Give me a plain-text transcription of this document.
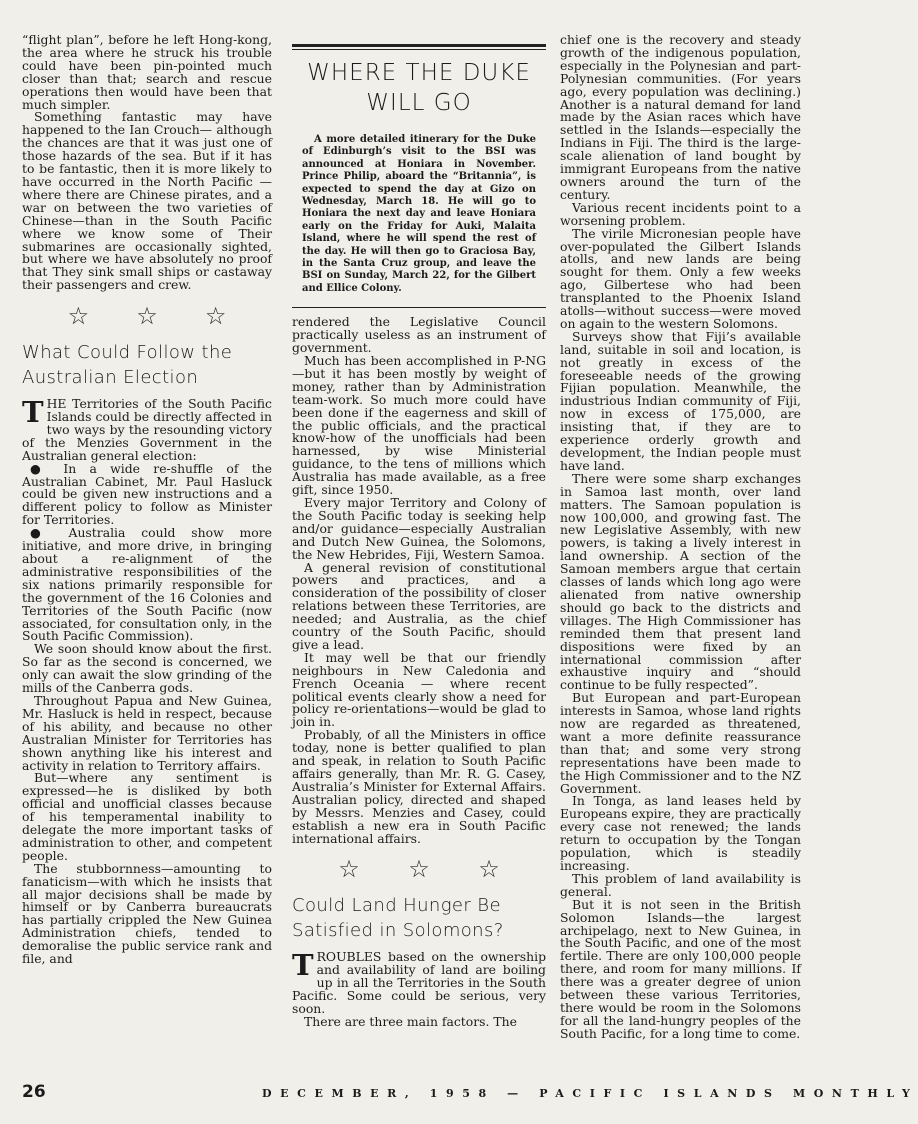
“flight plan”, before he left Hong-kong, the area where he struck his trouble could have been pin-pointed much closer than that; search and rescue operations then would have been that much simpler.

Something fantastic may have happened to the Ian Crouch— although the chances are that it was just one of those hazards of the sea. But if it has to be fantastic, then it is more likely to have occurred in the North Pacific —where there are Chinese pirates, and a war on between the two varieties of Chinese—than in the South Pacific where we know some of Their submarines are occasionally sighted, but where we have absolutely no proof that They sink small ships or castaway their passengers and crew.

☆ ☆ ☆
What Could Follow the Australian Election

THE Territories of the South Pacific Islands could be directly affected in two ways by the resounding victory of the Menzies Government in the Australian general election:

● In a wide re-shuffle of the Australian Cabinet, Mr. Paul Hasluck could be given new instructions and a different policy to follow as Minister for Territories.

● Australia could show more initiative, and more drive, in bringing about a re-alignment of the administrative responsibilities of the six nations primarily responsible for the government of the 16 Colonies and Territories of the South Pacific (now associated, for consultation only, in the South Pacific Commission).

We soon should know about the first. So far as the second is concerned, we only can await the slow grinding of the mills of the Canberra gods.

Throughout Papua and New Guinea, Mr. Hasluck is held in respect, because of his ability, and because no other Australian Minister for Territories has shown anything like his interest and activity in relation to Territory affairs.

But—where any sentiment is expressed—he is disliked by both official and unofficial classes because of his temperamental inability to delegate the more important tasks of administration to other, and competent people.

The stubbornness—amounting to fanaticism—with which he insists that all major decisions shall be made by himself or by Canberra bureaucrats has partially crippled the New Guinea Administration chiefs, tended to demoralise the public service rank and file, and

WHERE THE DUKE
WILL GO

A more detailed itinerary for the Duke of Edinburgh’s visit to the BSI was announced at Honiara in November. Prince Philip, aboard the “Britannia”, is expected to spend the day at Gizo on Wednesday, March 18. He will go to Honiara the next day and leave Honiara early on the Friday for Auki, Malaita Island, where he will spend the rest of the day. He will then go to Graciosa Bay, in the Santa Cruz group, and leave the BSI on Sunday, March 22, for the Gilbert and Ellice Colony.

rendered the Legislative Council practically useless as an instrument of government.

Much has been accomplished in P-NG—but it has been mostly by weight of money, rather than by Administration team-work. So much more could have been done if the eagerness and skill of the public officials, and the practical know-how of the unofficials had been harnessed, by wise Ministerial guidance, to the tens of millions which Australia has made available, as a free gift, since 1950.

Every major Territory and Colony of the South Pacific today is seeking help and/or guidance—especially Australian and Dutch New Guinea, the Solomons, the New Hebrides, Fiji, Western Samoa.

A general revision of constitutional powers and practices, and a consideration of the possibility of closer relations between these Territories, are needed; and Australia, as the chief country of the South Pacific, should give a lead.

It may well be that our friendly neighbours in New Caledonia and French Oceania — where recent political events clearly show a need for policy re-orientations—would be glad to join in.

Probably, of all the Ministers in office today, none is better qualified to plan and speak, in relation to South Pacific affairs generally, than Mr. R. G. Casey, Australia’s Minister for External Affairs. Australian policy, directed and shaped by Messrs. Menzies and Casey, could establish a new era in South Pacific international affairs.

☆ ☆ ☆
Could Land Hunger Be Satisfied in Solomons?

TROUBLES based on the ownership and availability of land are boiling up in all the Territories in the South Pacific. Some could be serious, very soon.

There are three main factors. The

chief one is the recovery and steady growth of the indigenous population, especially in the Polynesian and part-Polynesian communities. (For years ago, every population was declining.) Another is a natural demand for land made by the Asian races which have settled in the Islands—especially the Indians in Fiji. The third is the large-scale alienation of land bought by immigrant Europeans from the native owners around the turn of the century.

Various recent incidents point to a worsening problem.

The virile Micronesian people have over-populated the Gilbert Islands atolls, and new lands are being sought for them. Only a few weeks ago, Gilbertese who had been transplanted to the Phoenix Island atolls—without success—were moved on again to the western Solomons.

Surveys show that Fiji’s available land, suitable in soil and location, is not greatly in excess of the foreseeable needs of the growing Fijian population. Meanwhile, the industrious Indian community of Fiji, now in excess of 175,000, are insisting that, if they are to experience orderly growth and development, the Indian people must have land.

There were some sharp exchanges in Samoa last month, over land matters. The Samoan population is now 100,000, and growing fast. The new Legislative Assembly, with new powers, is taking a lively interest in land ownership. A section of the Samoan members argue that certain classes of lands which long ago were alienated from native ownership should go back to the districts and villages. The High Commissioner has reminded them that present land dispositions were fixed by an international commission after exhaustive inquiry and “should continue to be fully respected”.

But European and part-European interests in Samoa, whose land rights now are regarded as threatened, want a more definite reassurance than that; and some very strong representations have been made to the High Commissioner and to the NZ Government.

In Tonga, as land leases held by Europeans expire, they are practically every case not renewed; the lands return to occupation by the Tongan population, which is steadily increasing.

This problem of land availability is general.

But it is not seen in the British Solomon Islands—the largest archipelago, next to New Guinea, in the South Pacific, and one of the most fertile. There are only 100,000 people there, and room for many millions. If there was a greater degree of union between these various Territories, there would be room in the Solomons for all the land-hungry peoples of the South Pacific, for a long time to come.

26	DECEMBER, 1958 — PACIFIC ISLANDS MONTHLY
